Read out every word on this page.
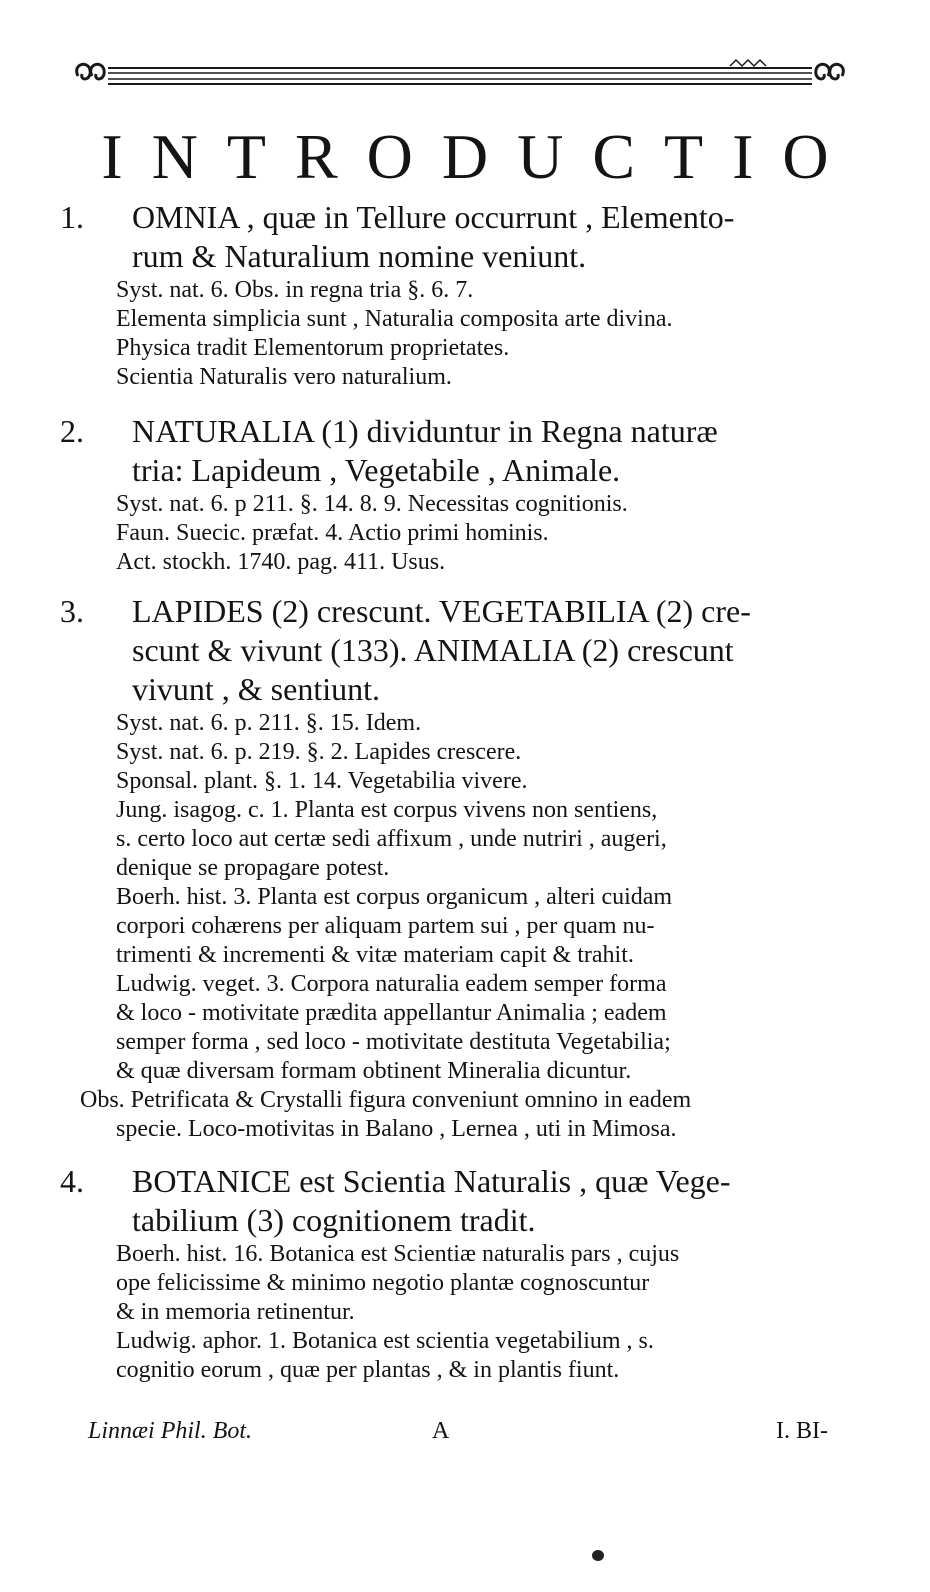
INTRODUCTIO
1. OMNIA , quæ in Tellure occurrunt , Elemento-
rum & Naturalium nomine veniunt.
Syst. nat. 6. Obs. in regna tria §. 6. 7.
Elementa simplicia sunt , Naturalia composita arte divina.
Physica tradit Elementorum proprietates.
Scientia Naturalis vero naturalium.
2. NATURALIA (1) dividuntur in Regna naturæ
tria: Lapideum , Vegetabile , Animale.
Syst. nat. 6. p 211. §. 14. 8. 9. Necessitas cognitionis.
Faun. Suecic. præfat. 4. Actio primi hominis.
Act. stockh. 1740. pag. 411. Usus.
3. LAPIDES (2) crescunt. VEGETABILIA (2) cre-
scunt & vivunt (133). ANIMALIA (2) crescunt
vivunt , & sentiunt.
Syst. nat. 6. p. 211. §. 15. Idem.
Syst. nat. 6. p. 219. §. 2. Lapides crescere.
Sponsal. plant. §. 1. 14. Vegetabilia vivere.
Jung. isagog. c. 1. Planta est corpus vivens non sentiens,
s. certo loco aut certæ sedi affixum , unde nutriri , augeri,
denique se propagare potest.
Boerh. hist. 3. Planta est corpus organicum , alteri cuidam
corpori cohærens per aliquam partem sui , per quam nu-
trimenti & incrementi & vitæ materiam capit & trahit.
Ludwig. veget. 3. Corpora naturalia eadem semper forma
& loco - motivitate prædita appellantur Animalia ; eadem
semper forma , sed loco - motivitate destituta Vegetabilia;
& quæ diversam formam obtinent Mineralia dicuntur.
Obs. Petrificata & Crystalli figura conveniunt omnino in eadem
specie. Loco-motivitas in Balano , Lernea , uti in Mimosa.
4. BOTANICE est Scientia Naturalis , quæ Vege-
tabilium (3) cognitionem tradit.
Boerh. hist. 16. Botanica est Scientiæ naturalis pars , cujus
ope felicissime & minimo negotio plantæ cognoscuntur
& in memoria retinentur.
Ludwig. aphor. 1. Botanica est scientia vegetabilium , s.
cognitio eorum , quæ per plantas , & in plantis fiunt.
Linnæi Phil. Bot.	A	I. BI-
